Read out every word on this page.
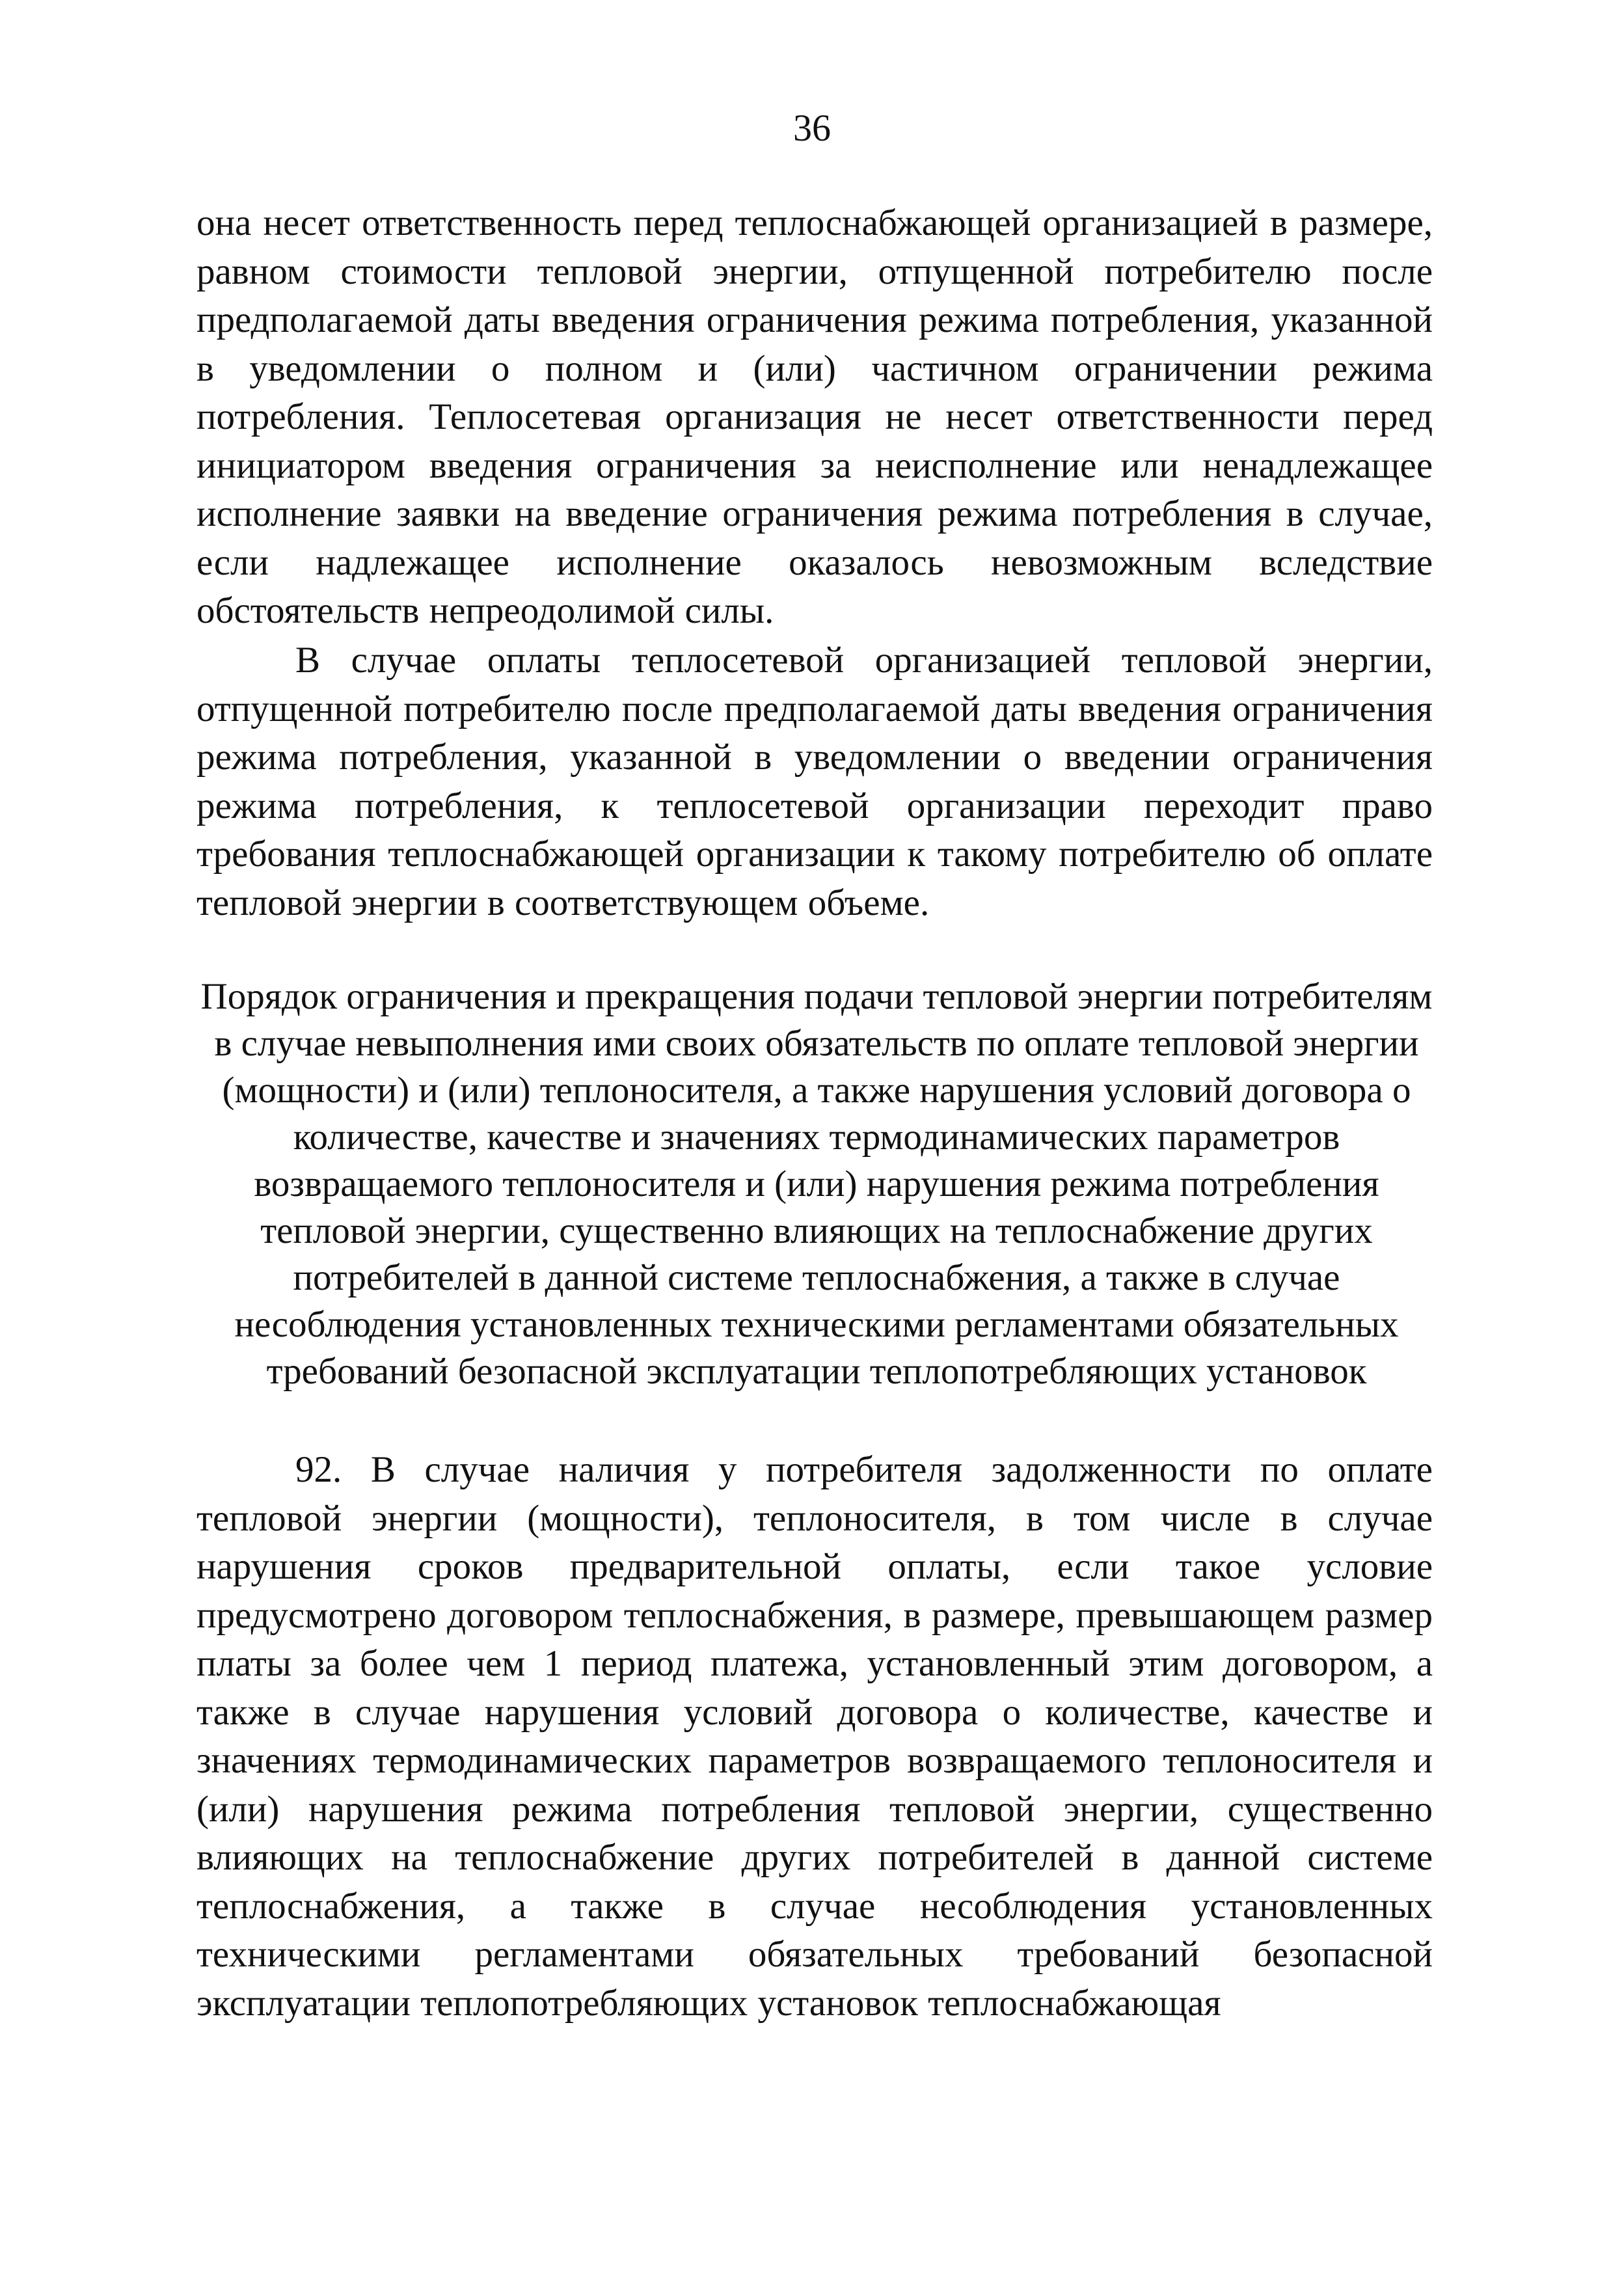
36

она несет ответственность перед теплоснабжающей организацией в размере, равном стоимости тепловой энергии, отпущенной потребителю после предполагаемой даты введения ограничения режима потребления, указанной в уведомлении о полном и (или) частичном ограничении режима потребления. Теплосетевая организация не несет ответственности перед инициатором введения ограничения за неисполнение или ненадлежащее исполнение заявки на введение ограничения режима потребления в случае, если надлежащее исполнение оказалось невозможным вследствие обстоятельств непреодолимой силы.

В случае оплаты теплосетевой организацией тепловой энергии, отпущенной потребителю после предполагаемой даты введения ограничения режима потребления, указанной в уведомлении о введении ограничения режима потребления, к теплосетевой организации переходит право требования теплоснабжающей организации к такому потребителю об оплате тепловой энергии в соответствующем объеме.

Порядок ограничения и прекращения подачи тепловой энергии потребителям в случае невыполнения ими своих обязательств по оплате тепловой энергии (мощности) и (или) теплоносителя, а также нарушения условий договора о количестве, качестве и значениях термодинамических параметров возвращаемого теплоносителя и (или) нарушения режима потребления тепловой энергии, существенно влияющих на теплоснабжение других потребителей в данной системе теплоснабжения, а также в случае несоблюдения установленных техническими регламентами обязательных требований безопасной эксплуатации теплопотребляющих установок

92. В случае наличия у потребителя задолженности по оплате тепловой энергии (мощности), теплоносителя, в том числе в случае нарушения сроков предварительной оплаты, если такое условие предусмотрено договором теплоснабжения, в размере, превышающем размер платы за более чем 1 период платежа, установленный этим договором, а также в случае нарушения условий договора о количестве, качестве и значениях термодинамических параметров возвращаемого теплоносителя и (или) нарушения режима потребления тепловой энергии, существенно влияющих на теплоснабжение других потребителей в данной системе теплоснабжения, а также в случае несоблюдения установленных техническими регламентами обязательных требований безопасной эксплуатации теплопотребляющих установок теплоснабжающая
